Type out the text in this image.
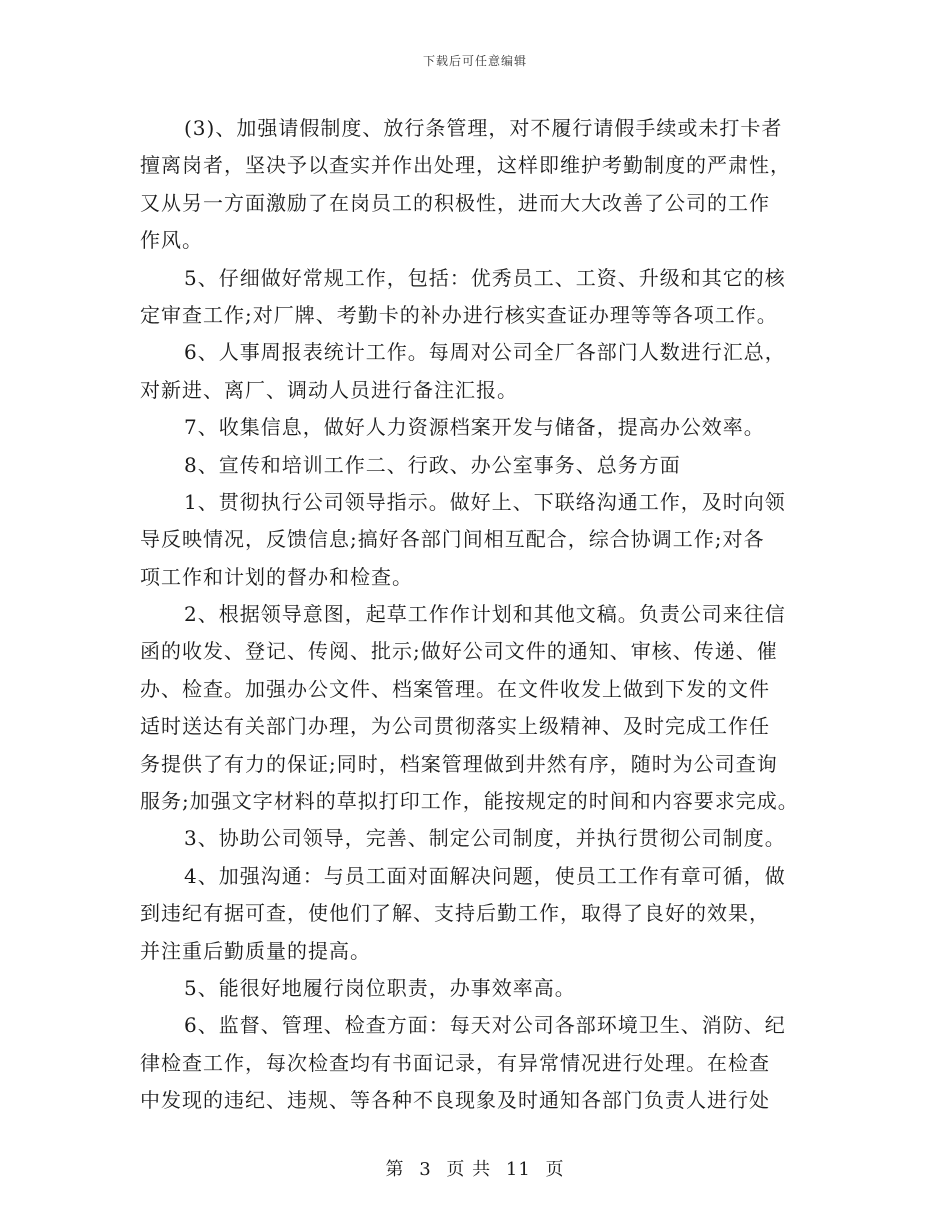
下载后可任意编辑
(3)、加强请假制度、放行条管理，对不履行请假手续或未打卡者
擅离岗者，坚决予以查实并作出处理，这样即维护考勤制度的严肃性，
又从另一方面激励了在岗员工的积极性，进而大大改善了公司的工作
作风。
5、仔细做好常规工作，包括：优秀员工、工资、升级和其它的核
定审查工作;对厂牌、考勤卡的补办进行核实查证办理等等各项工作。
6、人事周报表统计工作。每周对公司全厂各部门人数进行汇总，
对新进、离厂、调动人员进行备注汇报。
7、收集信息，做好人力资源档案开发与储备，提高办公效率。
8、宣传和培训工作二、行政、办公室事务、总务方面
1、贯彻执行公司领导指示。做好上、下联络沟通工作，及时向领
导反映情况，反馈信息;搞好各部门间相互配合，综合协调工作;对各
项工作和计划的督办和检查。
2、根据领导意图，起草工作作计划和其他文稿。负责公司来往信
函的收发、登记、传阅、批示;做好公司文件的通知、审核、传递、催
办、检查。加强办公文件、档案管理。在文件收发上做到下发的文件
适时送达有关部门办理，为公司贯彻落实上级精神、及时完成工作任
务提供了有力的保证;同时，档案管理做到井然有序，随时为公司查询
服务;加强文字材料的草拟打印工作，能按规定的时间和内容要求完成。
3、协助公司领导，完善、制定公司制度，并执行贯彻公司制度。
4、加强沟通：与员工面对面解决问题，使员工工作有章可循，做
到违纪有据可查，使他们了解、支持后勤工作，取得了良好的效果，
并注重后勤质量的提高。
5、能很好地履行岗位职责，办事效率高。
6、监督、管理、检查方面：每天对公司各部环境卫生、消防、纪
律检查工作，每次检查均有书面记录，有异常情况进行处理。在检查
中发现的违纪、违规、等各种不良现象及时通知各部门负责人进行处
第 3 页 共 11 页
